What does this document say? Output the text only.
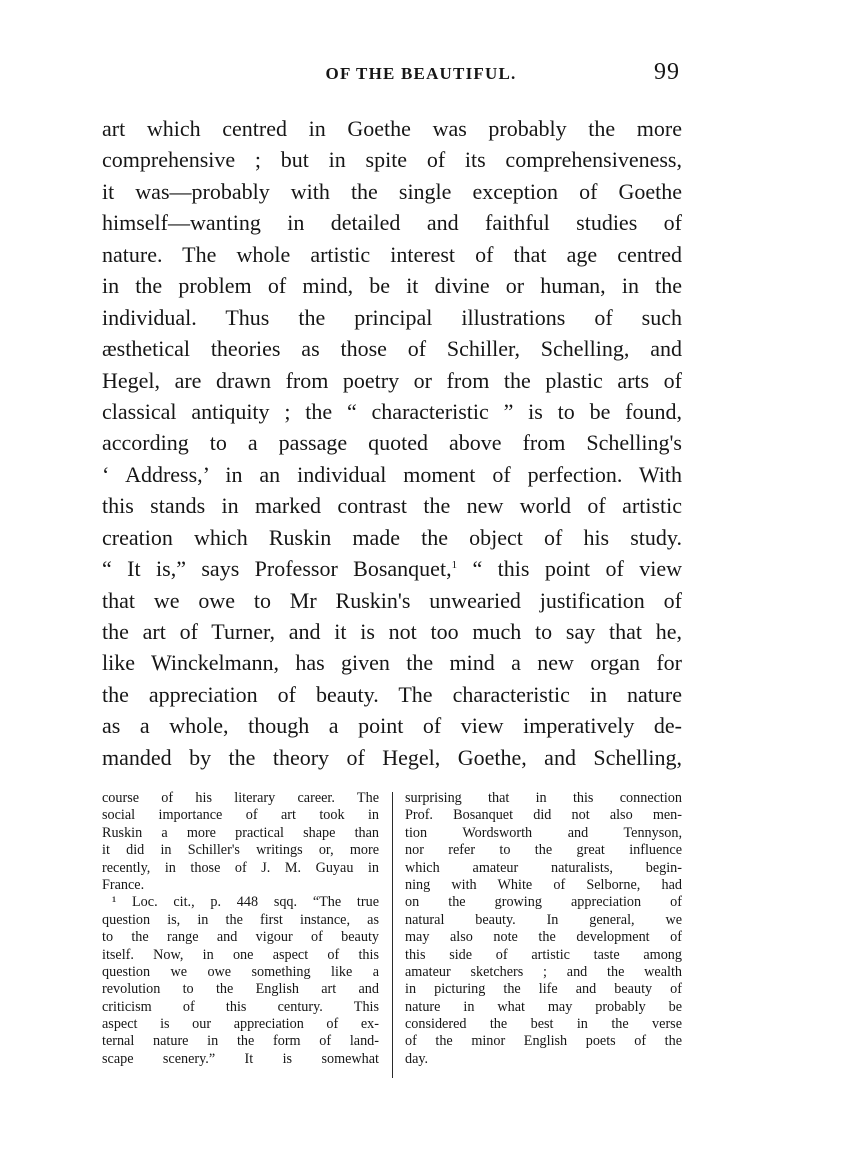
OF THE BEAUTIFUL.	99
art which centred in Goethe was probably the more
comprehensive ; but in spite of its comprehensiveness,
it was—probably with the single exception of Goethe
himself—wanting in detailed and faithful studies of
nature. The whole artistic interest of that age centred
in the problem of mind, be it divine or human, in the
individual. Thus the principal illustrations of such
æsthetical theories as those of Schiller, Schelling, and
Hegel, are drawn from poetry or from the plastic arts of
classical antiquity ; the “ characteristic ” is to be found,
according to a passage quoted above from Schelling's
‘ Address,’ in an individual moment of perfection. With
this stands in marked contrast the new world of artistic
creation which Ruskin made the object of his study.
“ It is,” says Professor Bosanquet,$^1$ “ this point of view
that we owe to Mr Ruskin's unwearied justification of
the art of Turner, and it is not too much to say that he,
like Winckelmann, has given the mind a new organ for
the appreciation of beauty. The characteristic in nature
as a whole, though a point of view imperatively de-
manded by the theory of Hegel, Goethe, and Schelling,
course of his literary career. The
social importance of art took in
Ruskin a more practical shape than
it did in Schiller's writings or, more
recently, in those of J. M. Guyau in
France.
¹ Loc. cit., p. 448 sqq. “The true
question is, in the first instance, as
to the range and vigour of beauty
itself. Now, in one aspect of this
question we owe something like a
revolution to the English art and
criticism of this century. This
aspect is our appreciation of ex-
ternal nature in the form of land-
scape scenery.” It is somewhat
surprising that in this connection
Prof. Bosanquet did not also men-
tion Wordsworth and Tennyson,
nor refer to the great influence
which amateur naturalists, begin-
ning with White of Selborne, had
on the growing appreciation of
natural beauty. In general, we
may also note the development of
this side of artistic taste among
amateur sketchers ; and the wealth
in picturing the life and beauty of
nature in what may probably be
considered the best in the verse
of the minor English poets of the
day.
